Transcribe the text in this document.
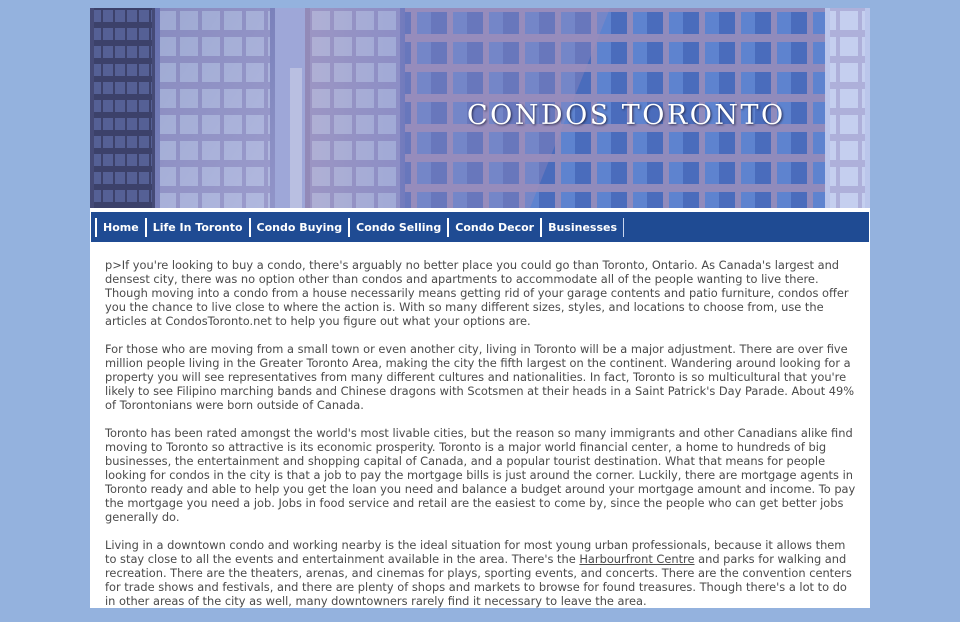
CONDOS TORONTO
Home	Life In Toronto	Condo Buying	Condo Selling	Condo Decor	Businesses

p>If you're looking to buy a condo, there's arguably no better place you could go than Toronto, Ontario. As Canada's largest and densest city, there was no option other than condos and apartments to accommodate all of the people wanting to live there. Though moving into a condo from a house necessarily means getting rid of your garage contents and patio furniture, condos offer you the chance to live close to where the action is. With so many different sizes, styles, and locations to choose from, use the articles at CondosToronto.net to help you figure out what your options are.

For those who are moving from a small town or even another city, living in Toronto will be a major adjustment. There are over five million people living in the Greater Toronto Area, making the city the fifth largest on the continent. Wandering around looking for a property you will see representatives from many different cultures and nationalities. In fact, Toronto is so multicultural that you're likely to see Filipino marching bands and Chinese dragons with Scotsmen at their heads in a Saint Patrick's Day Parade. About 49% of Torontonians were born outside of Canada.

Toronto has been rated amongst the world's most livable cities, but the reason so many immigrants and other Canadians alike find moving to Toronto so attractive is its economic prosperity. Toronto is a major world financial center, a home to hundreds of big businesses, the entertainment and shopping capital of Canada, and a popular tourist destination. What that means for people looking for condos in the city is that a job to pay the mortgage bills is just around the corner. Luckily, there are mortgage agents in Toronto ready and able to help you get the loan you need and balance a budget around your mortgage amount and income. To pay the mortgage you need a job. Jobs in food service and retail are the easiest to come by, since the people who can get better jobs generally do.

Living in a downtown condo and working nearby is the ideal situation for most young urban professionals, because it allows them to stay close to all the events and entertainment available in the area. There's the Harbourfront Centre and parks for walking and recreation. There are the theaters, arenas, and cinemas for plays, sporting events, and concerts. There are the convention centers for trade shows and festivals, and there are plenty of shops and markets to browse for found treasures. Though there's a lot to do in other areas of the city as well, many downtowners rarely find it necessary to leave the area.
